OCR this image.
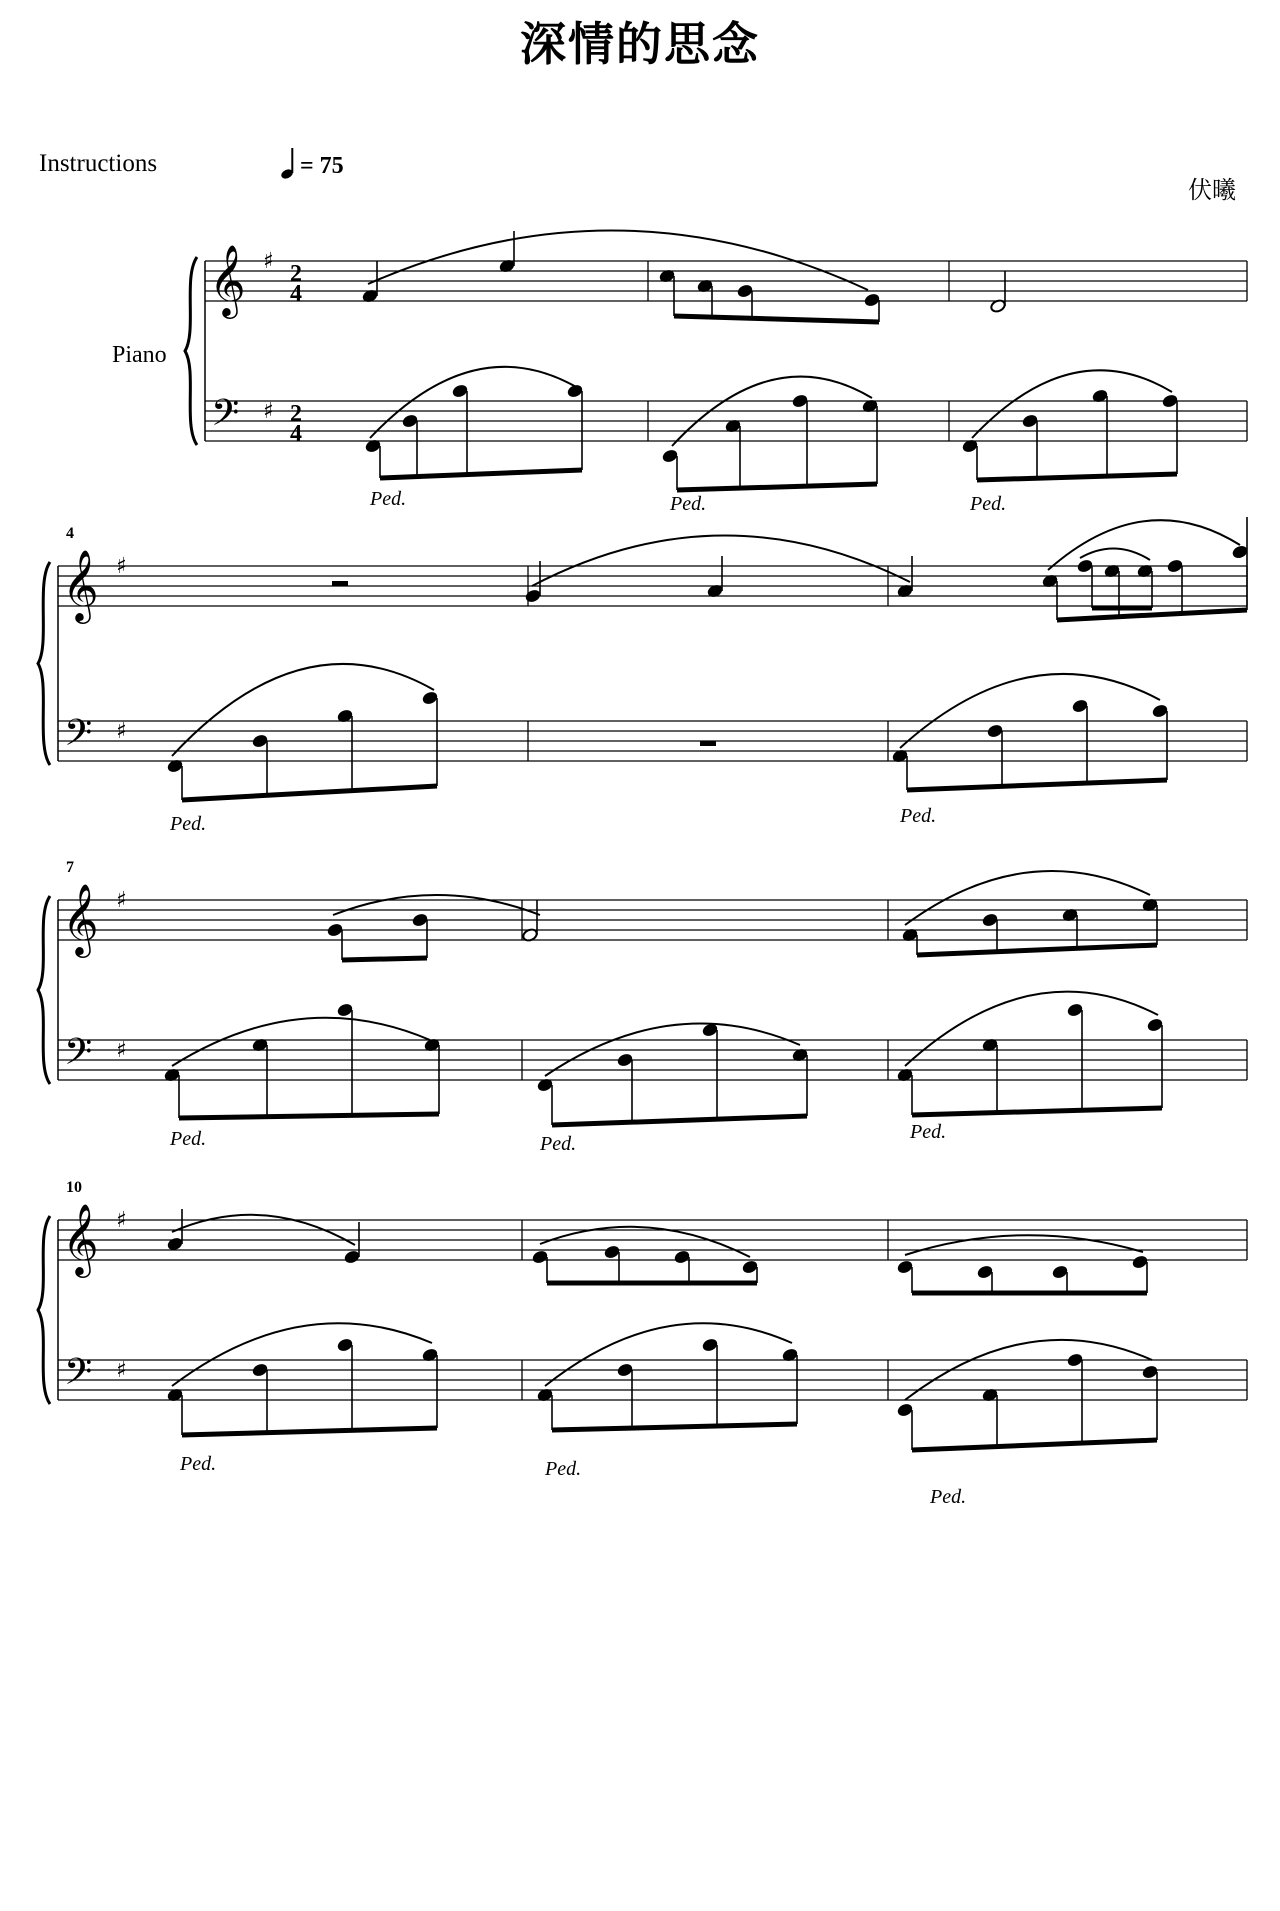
深情的思念
Instructions	= 75
伏曦
Piano
𝄞
𝄢
♯
♯
2
4
2
4
𝄞
𝄢
♯
♯
𝄞
𝄢
♯
♯
𝄞
𝄢
♯
♯
4
7
10
Ped.	Ped.	Ped.
Ped.	Ped.
Ped.	Ped.
Ped.
Ped.	Ped.
Ped.
